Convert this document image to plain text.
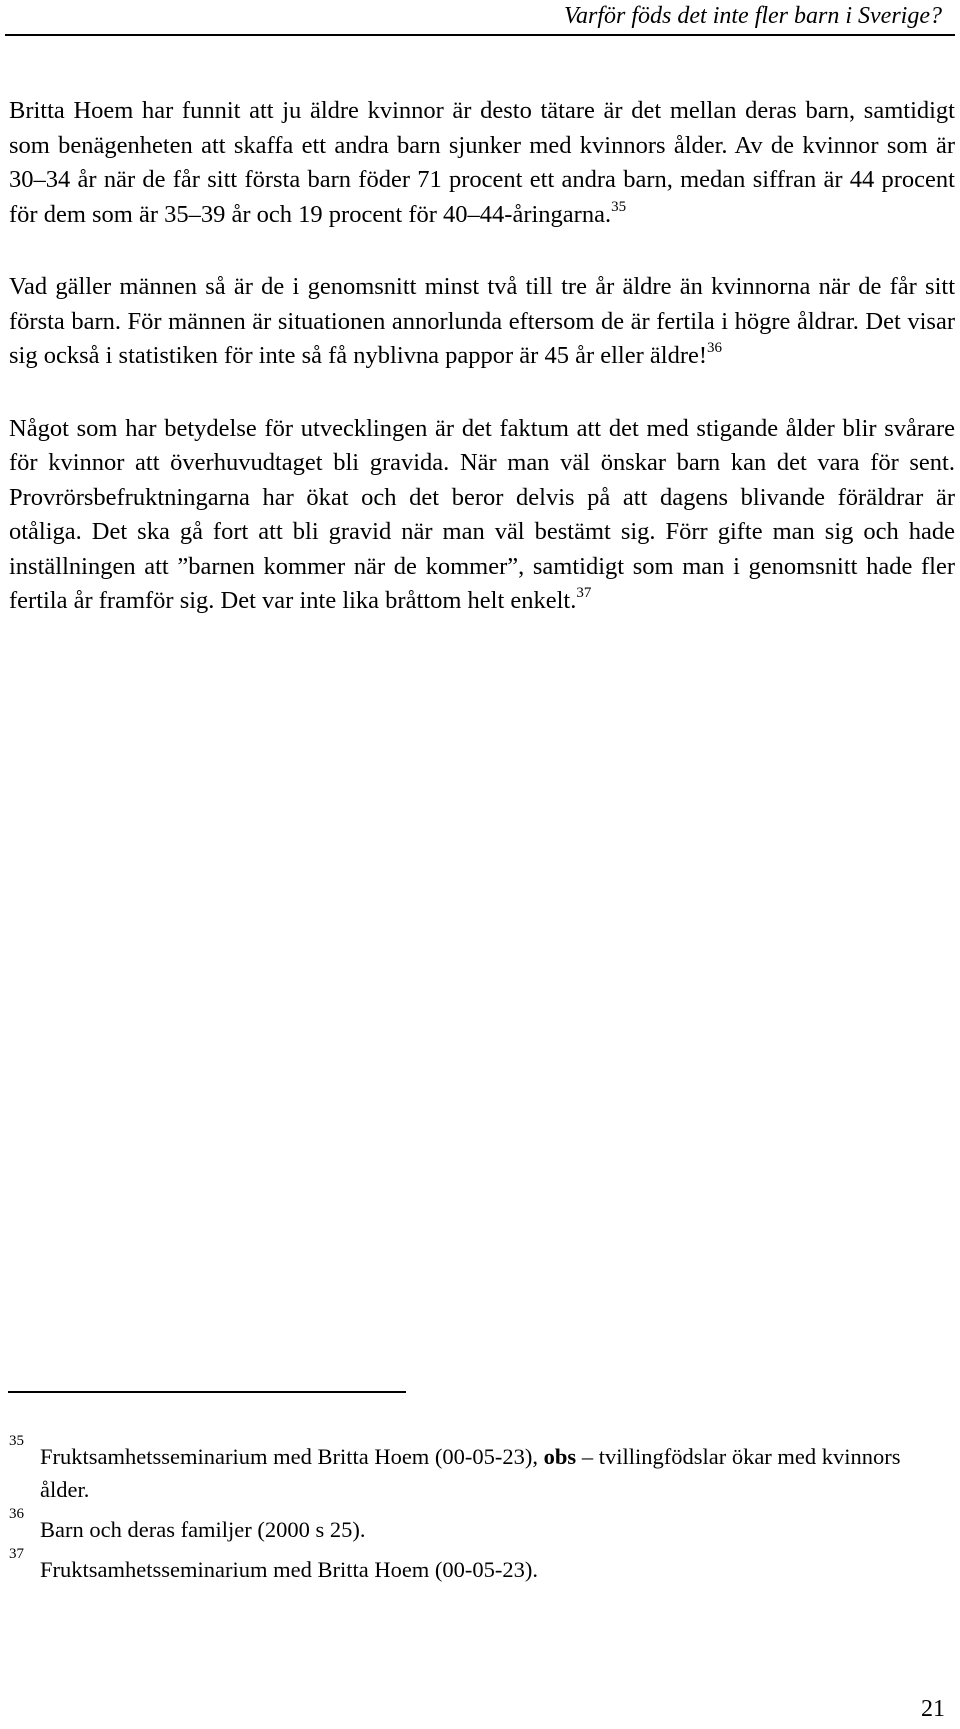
Varför föds det inte fler barn i Sverige?

Britta Hoem har funnit att ju äldre kvinnor är desto tätare är det mellan deras barn, samtidigt som benägenheten att skaffa ett andra barn sjunker med kvinnors ålder. Av de kvinnor som är 30–34 år när de får sitt första barn föder 71 procent ett andra barn, medan siffran är 44 procent för dem som är 35–39 år och 19 procent för 40–44-åringarna.$^{35}$

Vad gäller männen så är de i genomsnitt minst två till tre år äldre än kvinnorna när de får sitt första barn. För männen är situationen annorlunda eftersom de är fertila i högre åldrar. Det visar sig också i statistiken för inte så få nyblivna pappor är 45 år eller äldre!$^{36}$

Något som har betydelse för utvecklingen är det faktum att det med stigande ålder blir svårare för kvinnor att överhuvudtaget bli gravida. När man väl önskar barn kan det vara för sent. Provrörsbefruktningarna har ökat och det beror delvis på att dagens blivande föräldrar är otåliga. Det ska gå fort att bli gravid när man väl bestämt sig. Förr gifte man sig och hade inställningen att ”barnen kommer när de kommer”, samtidigt som man i genomsnitt hade fler fertila år framför sig. Det var inte lika bråttom helt enkelt.$^{37}$

35
Fruktsamhetsseminarium med Britta Hoem (00-05-23), obs – tvillingfödslar ökar med kvinnors ålder.
36
Barn och deras familjer (2000 s 25).
37
Fruktsamhetsseminarium med Britta Hoem (00-05-23).
21
